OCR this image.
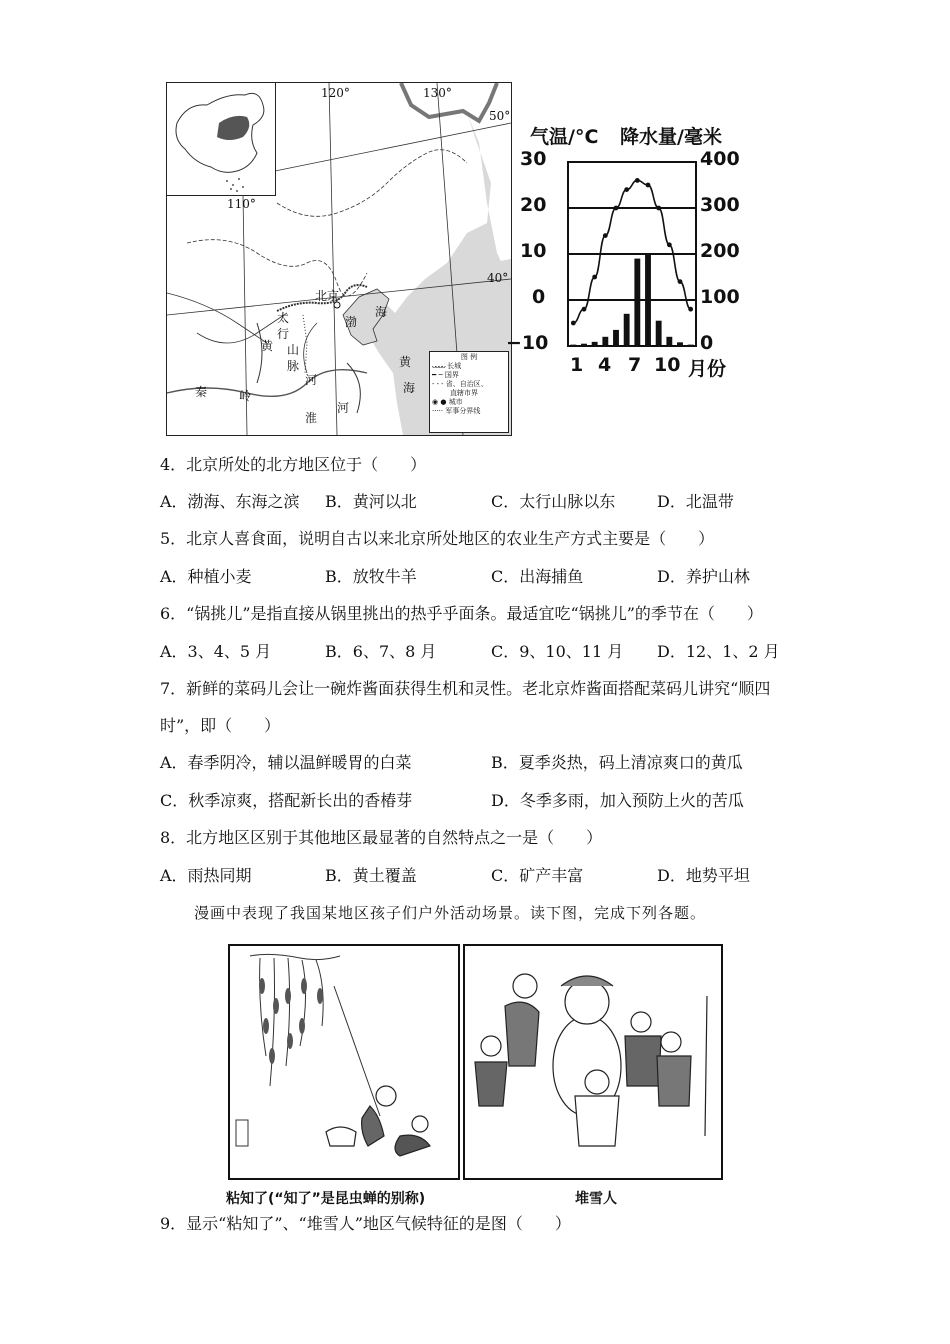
120°	130°
110°
50°
40°
北京
太
行
山
脉
黄
河
渤
海
黄
海
秦	岭
淮
河
图 例
ᴗᴗᴗᴗ 长城
━ ─ 国界
- - - 省、自治区、
直辖市界
◉ ● 城市
····· 军事分界线
气温/°C 降水量/毫米
30
20
10
0
−10
400
300
200
100
0
1 4 7 10 月份
4．北京所处的北方地区位于（　　）
A．渤海、东海之滨 B．黄河以北	C．太行山脉以东	D．北温带
5．北京人喜食面，说明自古以来北京所处地区的农业生产方式主要是（　　）
A．种植小麦	B．放牧牛羊	C．出海捕鱼	D．养护山林
6．“锅挑儿”是指直接从锅里挑出的热乎乎面条。最适宜吃“锅挑儿”的季节在（　　）
A．3、4、5 月	B．6、7、8 月	C．9、10、11 月 D．12、1、2 月
7．新鲜的菜码儿会让一碗炸酱面获得生机和灵性。老北京炸酱面搭配菜码儿讲究“顺四
时”，即（　　）
A．春季阴冷，辅以温鲜暖胃的白菜	B．夏季炎热，码上清凉爽口的黄瓜
C．秋季凉爽，搭配新长出的香椿芽	D．冬季多雨，加入预防上火的苦瓜
8．北方地区区别于其他地区最显著的自然特点之一是（　　）
A．雨热同期	B．黄土覆盖	C．矿产丰富	D．地势平坦
漫画中表现了我国某地区孩子们户外活动场景。读下图，完成下列各题。
粘知了(“知了”是昆虫蝉的别称)	堆雪人
9．显示“粘知了”、“堆雪人”地区气候特征的是图（　　）
